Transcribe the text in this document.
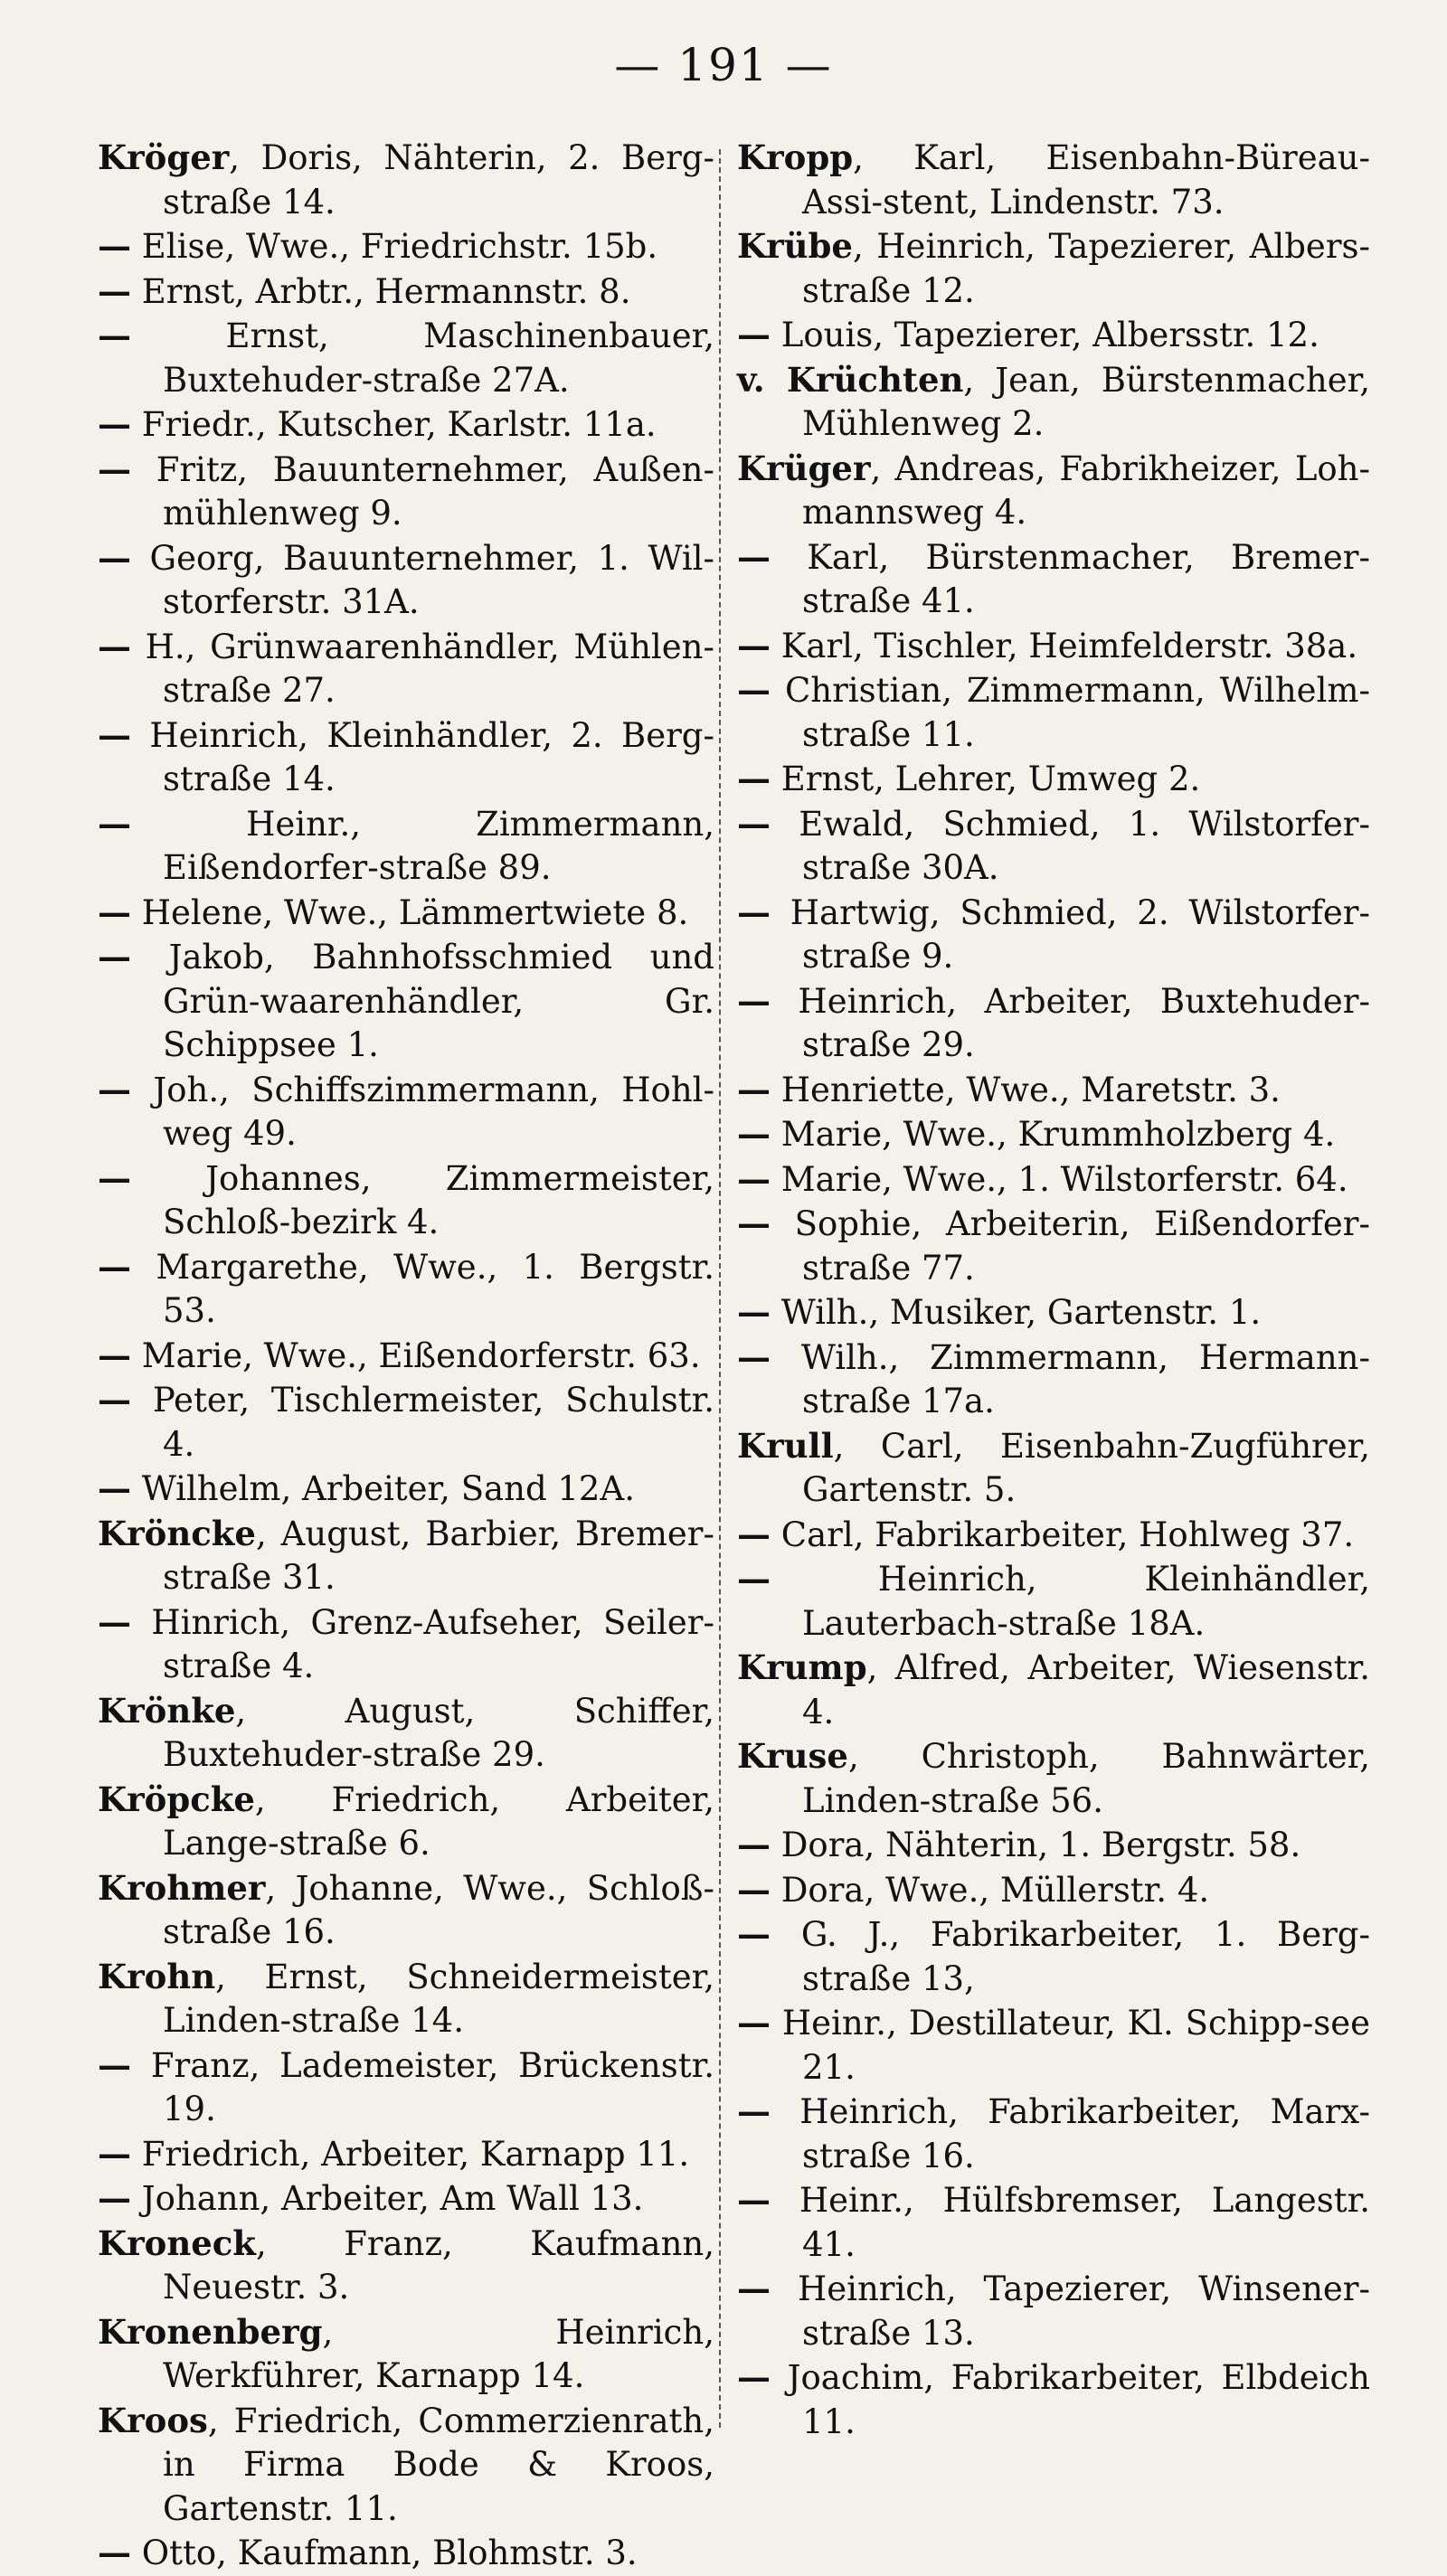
— 191 —

Kröger, Doris, Nähterin, 2. Berg-straße 14.

— Elise, Wwe., Friedrichstr. 15b.

— Ernst, Arbtr., Hermannstr. 8.

— Ernst, Maschinenbauer, Buxtehuder-straße 27A.

— Friedr., Kutscher, Karlstr. 11a.

— Fritz, Bauunternehmer, Außen-mühlenweg 9.

— Georg, Bauunternehmer, 1. Wil-storferstr. 31A.

— H., Grünwaarenhändler, Mühlen-straße 27.

— Heinrich, Kleinhändler, 2. Berg-straße 14.

— Heinr., Zimmermann, Eißendorfer-straße 89.

— Helene, Wwe., Lämmertwiete 8.

— Jakob, Bahnhofsschmied und Grün-waarenhändler, Gr. Schippsee 1.

— Joh., Schiffszimmermann, Hohl-weg 49.

— Johannes, Zimmermeister, Schloß-bezirk 4.

— Margarethe, Wwe., 1. Bergstr. 53.

— Marie, Wwe., Eißendorferstr. 63.

— Peter, Tischlermeister, Schulstr. 4.

— Wilhelm, Arbeiter, Sand 12A.

Kröncke, August, Barbier, Bremer-straße 31.

— Hinrich, Grenz-Aufseher, Seiler-straße 4.

Krönke, August, Schiffer, Buxtehuder-straße 29.

Kröpcke, Friedrich, Arbeiter, Lange-straße 6.

Krohmer, Johanne, Wwe., Schloß-straße 16.

Krohn, Ernst, Schneidermeister, Linden-straße 14.

— Franz, Lademeister, Brückenstr. 19.

— Friedrich, Arbeiter, Karnapp 11.

— Johann, Arbeiter, Am Wall 13.

Kroneck, Franz, Kaufmann, Neuestr. 3.

Kronenberg, Heinrich, Werkführer, Karnapp 14.

Kroos, Friedrich, Commerzienrath, in Firma Bode & Kroos, Gartenstr. 11.

— Otto, Kaufmann, Blohmstr. 3.

Kropp, Karl, Eisenbahn-Büreau-Assi-stent, Lindenstr. 73.

Krübe, Heinrich, Tapezierer, Albers-straße 12.

— Louis, Tapezierer, Albersstr. 12.

v. Krüchten, Jean, Bürstenmacher, Mühlenweg 2.

Krüger, Andreas, Fabrikheizer, Loh-mannsweg 4.

— Karl, Bürstenmacher, Bremer-straße 41.

— Karl, Tischler, Heimfelderstr. 38a.

— Christian, Zimmermann, Wilhelm-straße 11.

— Ernst, Lehrer, Umweg 2.

— Ewald, Schmied, 1. Wilstorfer-straße 30A.

— Hartwig, Schmied, 2. Wilstorfer-straße 9.

— Heinrich, Arbeiter, Buxtehuder-straße 29.

— Henriette, Wwe., Maretstr. 3.

— Marie, Wwe., Krummholzberg 4.

— Marie, Wwe., 1. Wilstorferstr. 64.

— Sophie, Arbeiterin, Eißendorfer-straße 77.

— Wilh., Musiker, Gartenstr. 1.

— Wilh., Zimmermann, Hermann-straße 17a.

Krull, Carl, Eisenbahn-Zugführer, Gartenstr. 5.

— Carl, Fabrikarbeiter, Hohlweg 37.

— Heinrich, Kleinhändler, Lauterbach-straße 18A.

Krump, Alfred, Arbeiter, Wiesenstr. 4.

Kruse, Christoph, Bahnwärter, Linden-straße 56.

— Dora, Nähterin, 1. Bergstr. 58.

— Dora, Wwe., Müllerstr. 4.

— G. J., Fabrikarbeiter, 1. Berg-straße 13,

— Heinr., Destillateur, Kl. Schipp-see 21.

— Heinrich, Fabrikarbeiter, Marx-straße 16.

— Heinr., Hülfsbremser, Langestr. 41.

— Heinrich, Tapezierer, Winsener-straße 13.

— Joachim, Fabrikarbeiter, Elbdeich 11.
